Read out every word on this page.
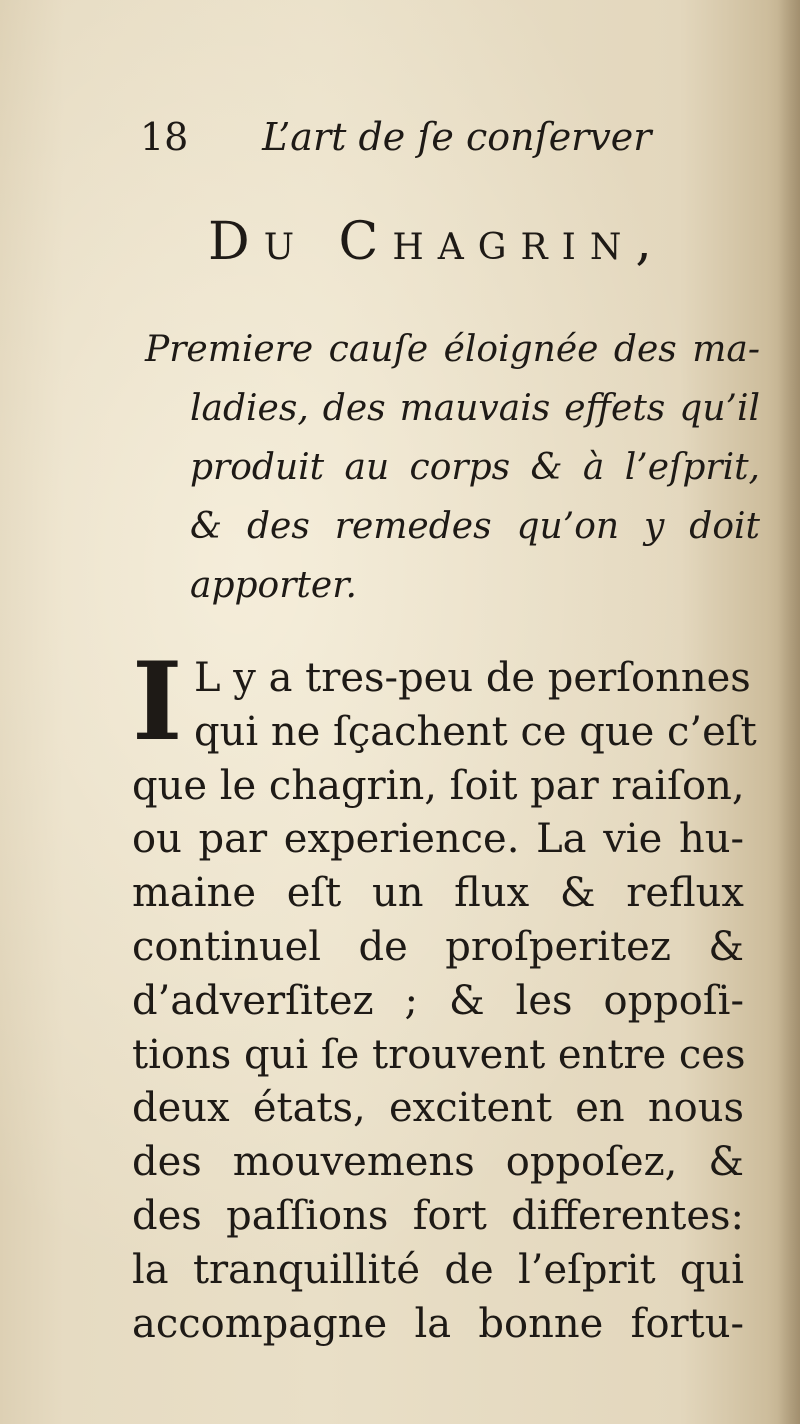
18 L’art de ſe conſerver
Du Chagrin,
Premiere cauſe éloignée des ma-
ladies, des mauvais effets qu’il
produit au corps & à l’eſprit,
& des remedes qu’on y doit
apporter.
I L y a tres-peu de perſonnes
qui ne ſçachent ce que c’eſt
que le chagrin, ſoit par raiſon,
ou par experience. La vie hu-
maine eſt un flux & reflux
continuel de proſperitez &
d’adverſitez ; & les oppoſi-
tions qui ſe trouvent entre ces
deux états, excitent en nous
des mouvemens oppoſez, &
des paſſions fort differentes:
la tranquillité de l’eſprit qui
accompagne la bonne fortu-
